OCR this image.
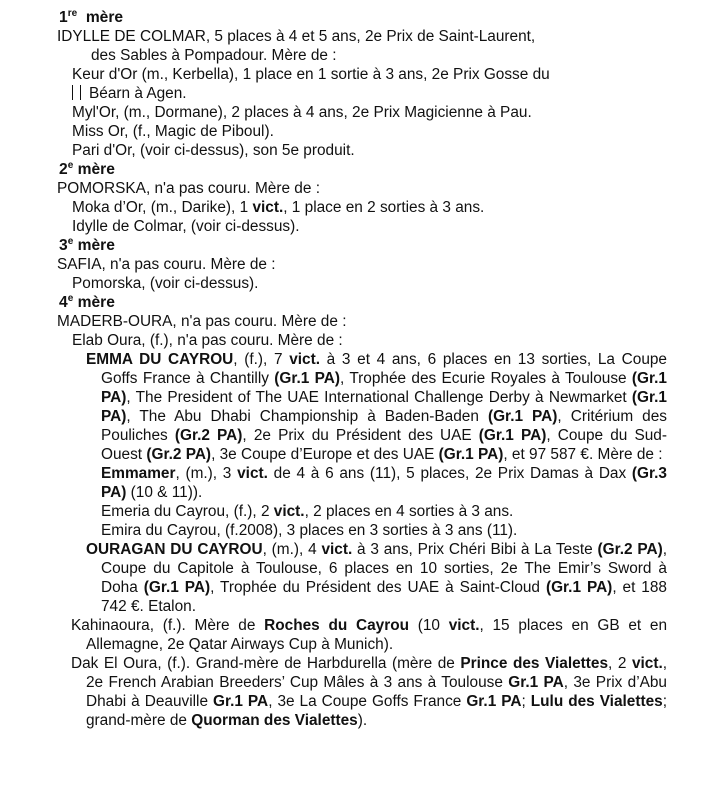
1re mère
IDYLLE DE COLMAR, 5 places à 4 et 5 ans, 2e Prix de Saint-Laurent,
des Sables à Pompadour. Mère de :
Keur d'Or (m., Kerbella), 1 place en 1 sortie à 3 ans, 2e Prix Gosse du
Béarn à Agen.
Myl'Or, (m., Dormane), 2 places à 4 ans, 2e Prix Magicienne à Pau.
Miss Or, (f., Magic de Piboul).
Pari d'Or, (voir ci-dessus), son 5e produit.
2e mère
POMORSKA, n'a pas couru. Mère de :
Moka d’Or, (m., Darike), 1 vict., 1 place en 2 sorties à 3 ans.
Idylle de Colmar, (voir ci-dessus).
3e mère
SAFIA, n'a pas couru. Mère de :
Pomorska, (voir ci-dessus).
4e mère
MADERB-OURA, n'a pas couru. Mère de :
Elab Oura, (f.), n'a pas couru. Mère de :
EMMA DU CAYROU, (f.), 7 vict. à 3 et 4 ans, 6 places en 13 sorties, La Coupe Goffs France à Chantilly (Gr.1 PA), Trophée des Ecurie Royales à Toulouse (Gr.1 PA), The President of The UAE International Challenge Derby à Newmarket (Gr.1 PA), The Abu Dhabi Championship à Baden-Baden (Gr.1 PA), Critérium des Pouliches (Gr.2 PA), 2e Prix du Président des UAE (Gr.1 PA), Coupe du Sud-Ouest (Gr.2 PA), 3e Coupe d’Europe et des UAE (Gr.1 PA), et 97 587 €. Mère de :
Emmamer, (m.), 3 vict. de 4 à 6 ans (11), 5 places, 2e Prix Damas à Dax (Gr.3 PA) (10 & 11)).
Emeria du Cayrou, (f.), 2 vict., 2 places en 4 sorties à 3 ans.
Emira du Cayrou, (f.2008), 3 places en 3 sorties à 3 ans (11).
OURAGAN DU CAYROU, (m.), 4 vict. à 3 ans, Prix Chéri Bibi à La Teste (Gr.2 PA), Coupe du Capitole à Toulouse, 6 places en 10 sorties, 2e The Emir’s Sword à Doha (Gr.1 PA), Trophée du Président des UAE à Saint-Cloud (Gr.1 PA), et 188 742 €. Etalon.
Kahinaoura, (f.). Mère de Roches du Cayrou (10 vict., 15 places en GB et en Allemagne, 2e Qatar Airways Cup à Munich).
Dak El Oura, (f.). Grand-mère de Harbdurella (mère de Prince des Vialettes, 2 vict., 2e French Arabian Breeders’ Cup Mâles à 3 ans à Toulouse Gr.1 PA, 3e Prix d’Abu Dhabi à Deauville Gr.1 PA, 3e La Coupe Goffs France Gr.1 PA; Lulu des Vialettes; grand-mère de Quorman des Vialettes).
